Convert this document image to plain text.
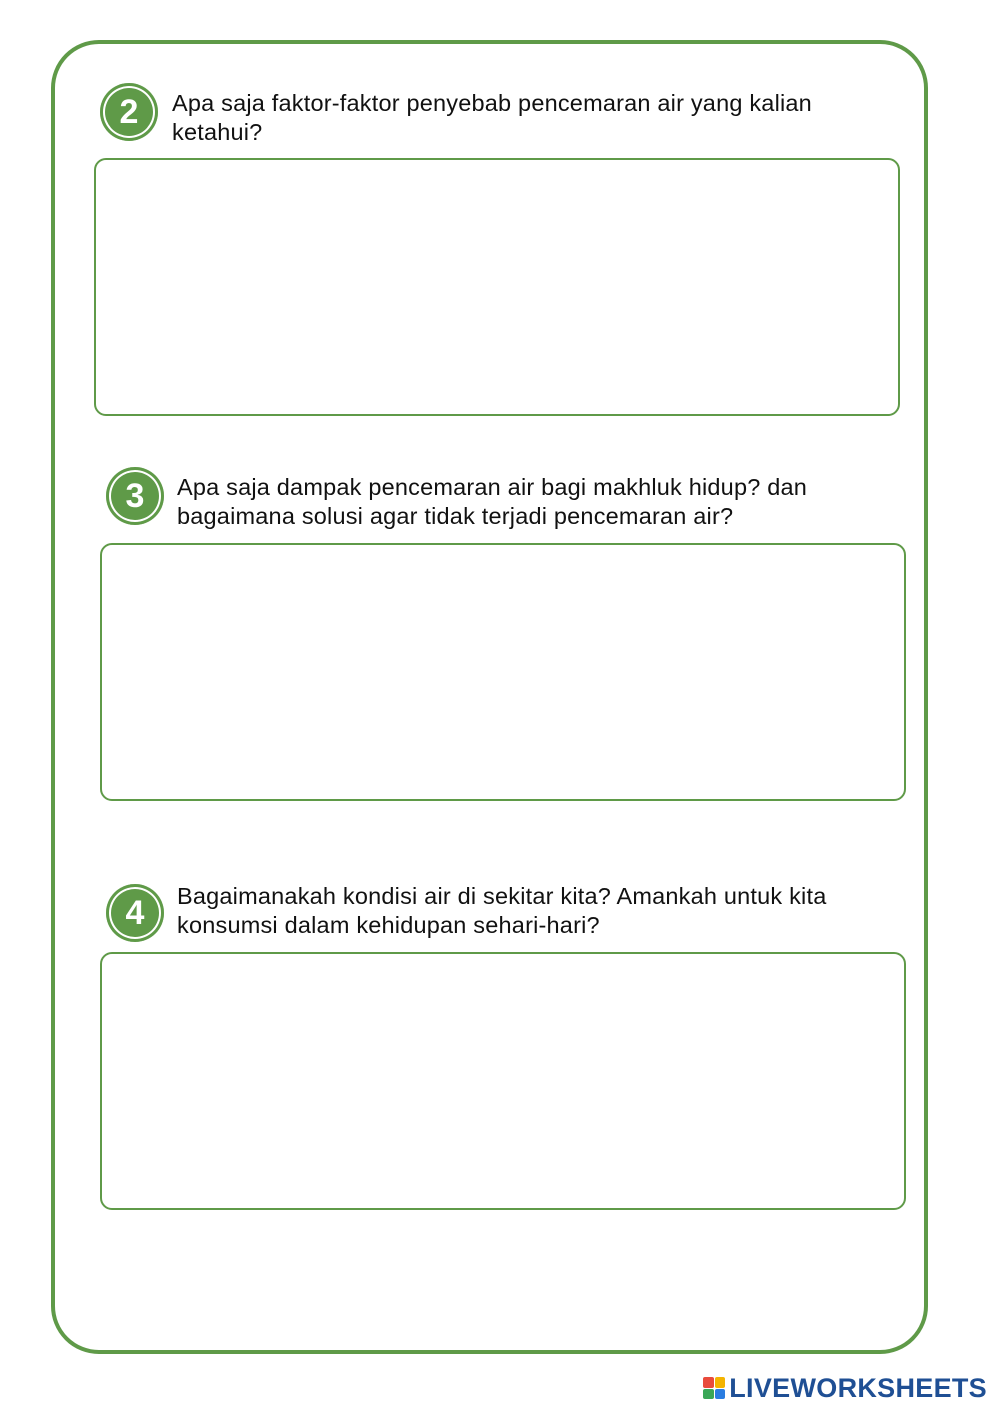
2	Apa saja faktor-faktor penyebab pencemaran air yang kalian ketahui?
3	Apa saja dampak pencemaran air bagi makhluk hidup? dan bagaimana solusi agar tidak terjadi pencemaran air?
4	Bagaimanakah kondisi air di sekitar kita? Amankah untuk kita konsumsi dalam kehidupan sehari-hari?
LIVEWORKSHEETS
